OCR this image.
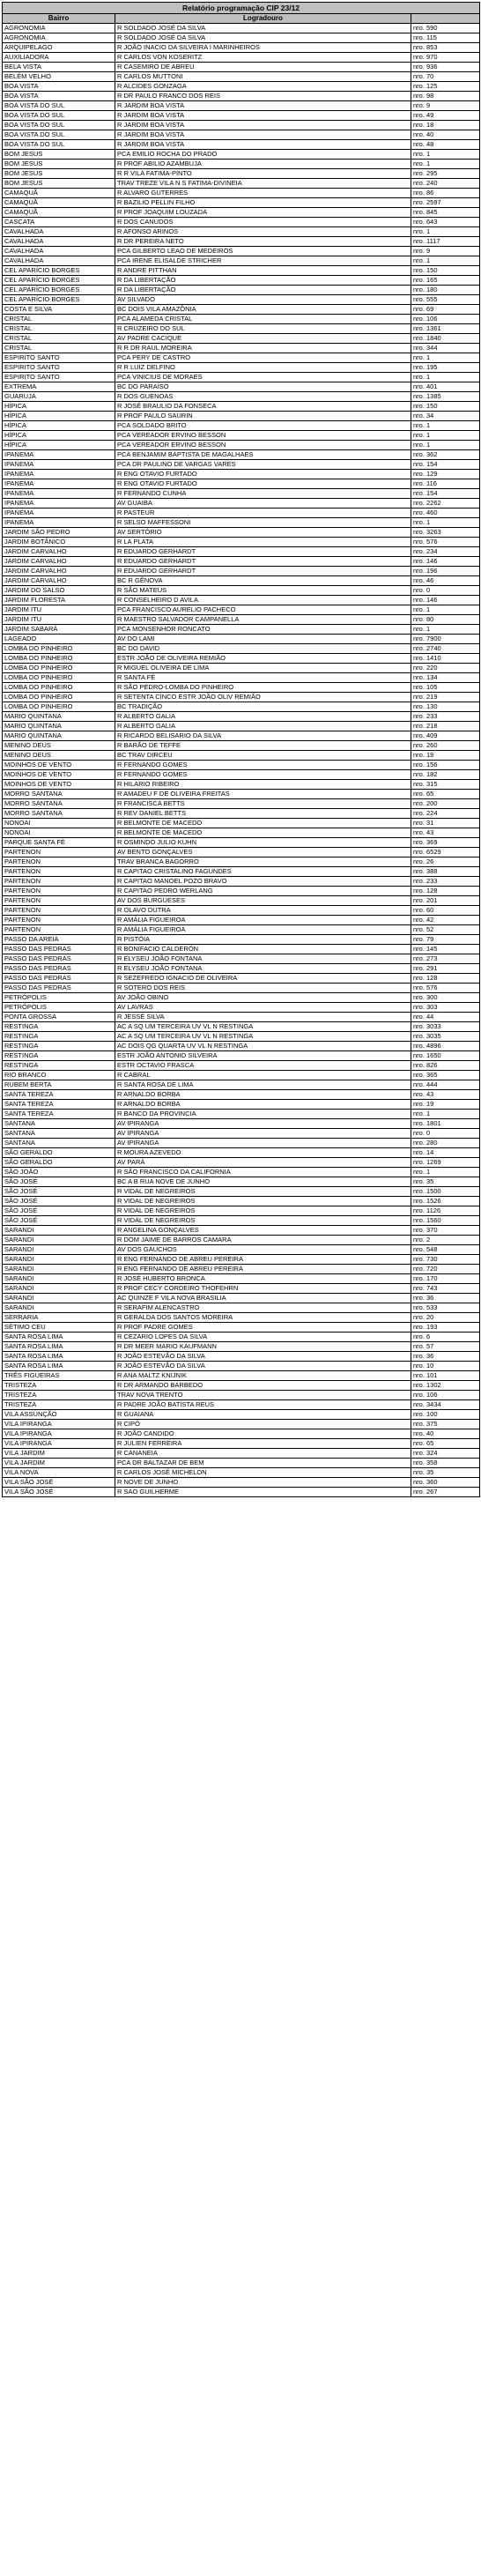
Relatório programação CIP 23/12		
Bairro	Logradouro	
AGRONOMIA	R SOLDADO JOSÉ DA SILVA	nro. 590
AGRONOMIA	R SOLDADO JOSÉ DA SILVA	nro. 115
ARQUIPELAGO	R JOÃO INACIO DA SILVEIRA I MARINHEIROS	nro. 853
AUXILIADORA	R CARLOS VON KOSERITZ	nro. 970
BELA VISTA	R CASEMIRO DE ABREU	nro. 936
BELÉM VELHO	R CARLOS MUTTONI	nro. 70
BOA VISTA	R ALCIDES GONZAGA	nro. 125
BOA VISTA	R DR PAULO FRANCO DOS REIS	nro. 98
BOA VISTA DO SUL	R JARDIM BOA VISTA	nro. 9
BOA VISTA DO SUL	R JARDIM BOA VISTA	nro. 49
BOA VISTA DO SUL	R JARDIM BOA VISTA	nro. 18
BOA VISTA DO SUL	R JARDIM BOA VISTA	nro. 40
BOA VISTA DO SUL	R JARDIM BOA VISTA	nro. 48
BOM JESUS	PCA EMILIO ROCHA DO PRADO	nro. 1
BOM JESUS	R PROF ABILIO AZAMBUJA	nro. 1
BOM JESUS	R R VILA FATIMA-PINTO	nro. 295
BOM JESUS	TRAV TREZE VILA N S FATIMA-DIVINEIA	nro. 240
CAMAQUÃ	R ALVARO GUTERRES	nro. 86
CAMAQUÃ	R BAZILIO PELLIN FILHO	nro. 2597
CAMAQUÃ	R PROF JOAQUIM LOUZADA	nro. 845
CASCATA	R DOS CANUDOS	nro. 643
CAVALHADA	R AFONSO ARINOS	nro. 1
CAVALHADA	R DR PEREIRA NETO	nro. 1117
CAVALHADA	PCA GILBERTO LEAO DE MEDEIROS	nro. 9
CAVALHADA	PCA IRENE ELISALDE STRICHER	nro. 1
CEL APARÍCIO BORGES	R ANDRE PITTHAN	nro. 150
CEL APARÍCIO BORGES	R DA LIBERTAÇÃO	nro. 165
CEL APARÍCIO BORGES	R DA LIBERTAÇÃO	nro. 180
CEL APARÍCIO BORGES	AV SILVADO	nro. 555
COSTA E SILVA	BC DOIS VILA AMAZÔNIA	nro. 69
CRISTAL	PCA ALAMEDA CRISTAL	nro. 106
CRISTAL	R CRUZEIRO DO SUL	nro. 1361
CRISTAL	AV PADRE CACIQUE	nro. 1840
CRISTAL	R R DR RAUL MOREIRA	nro. 344
ESPIRITO SANTO	PCA PERY DE CASTRO	nro. 1
ESPIRITO SANTO	R R LUIZ DELFINO	nro. 195
ESPIRITO SANTO	PCA VINICIUS DE MORAES	nro. 1
EXTREMA	BC DO PARAÍSO	nro. 401
GUARUJA	R DOS GUENOAS	nro. 1385
HÍPICA	R JOSÉ BRAULIO DA FONSECA	nro. 150
HÍPICA	R PROF PAULO SAURIN	nro. 34
HÍPICA	PCA SOLDADO BRITO	nro. 1
HÍPICA	PCA VEREADOR ERVINO BESSON	nro. 1
HÍPICA	PCA VEREADOR ERVINO BESSON	nro. 1
IPANEMA	PCA BENJAMIM BAPTISTA DE MAGALHAES	nro. 362
IPANEMA	PCA DR PAULINO DE VARGAS VARES	nro. 154
IPANEMA	R ENG OTAVIO FURTADO	nro. 129
IPANEMA	R ENG OTAVIO FURTADO	nro. 116
IPANEMA	R FERNANDO CUNHA	nro. 154
IPANEMA	AV GUAIBA	nro. 2262
IPANEMA	R PASTEUR	nro. 460
IPANEMA	R SELSO MAFFESSONI	nro. 1
JARDIM SÃO PEDRO	AV SERTÓRIO	nro. 3263
JARDIM BOTÂNICO	R LA PLATA	nro. 576
JARDIM CARVALHO	R EDUARDO GERHARDT	nro. 234
JARDIM CARVALHO	R EDUARDO GERHARDT	nro. 146
JARDIM CARVALHO	R EDUARDO GERHARDT	nro. 196
JARDIM CARVALHO	BC R GÊNOVA	nro. 46
JARDIM DO SALSO	R SÃO MATEUS	nro. 0
JARDIM FLORESTA	R CONSELHEIRO D AVILA	nro. 146
JARDIM ITU	PCA FRANCISCO AURELIO PACHECO	nro. 1
JARDIM ITU	R MAESTRO SALVADOR CAMPANELLA	nro. 80
JARDIM SABARÁ	PCA MONSENHOR RONCATO	nro. 1
LAGEADO	AV DO LAMI	nro. 7900
LOMBA DO PINHEIRO	BC DO DAVID	nro. 2740
LOMBA DO PINHEIRO	ESTR JOÃO DE OLIVEIRA REMIÃO	nro. 1410
LOMBA DO PINHEIRO	R MIGUEL OLIVEIRA DE LIMA	nro. 220
LOMBA DO PINHEIRO	R SANTA FÉ	nro. 134
LOMBA DO PINHEIRO	R SÃO PEDRO-LOMBA DO PINHEIRO	nro. 105
LOMBA DO PINHEIRO	R SETENTA CINCO ESTR JOÃO OLIV REMIÃO	nro. 219
LOMBA DO PINHEIRO	BC TRADIÇÃO	nro. 130
MARIO QUINTANA	R ALBERTO GALIA	nro. 233
MARIO QUINTANA	R ALBERTO GALIA	nro. 218
MARIO QUINTANA	R RICARDO BELISARIO DA SILVA	nro. 409
MENINO DEUS	R BARÃO DE TEFFE	nro. 260
MENINO DEUS	BC TRAV DIRCEU	nro. 19
MOINHOS DE VENTO	R FERNANDO GOMES	nro. 156
MOINHOS DE VENTO	R FERNANDO GOMES	nro. 182
MOINHOS DE VENTO	R HILARIO RIBEIRO	nro. 315
MORRO SANTANA	R AMADEU F DE OLIVEIRA FREITAS	nro. 65
MORRO SANTANA	R FRANCISCA BETTS	nro. 200
MORRO SANTANA	R REV DANIEL BETTS	nro. 224
NONOAI	R BELMONTE DE MACEDO	nro. 31
NONOAI	R BELMONTE DE MACEDO	nro. 43
PARQUE SANTA FÉ	R OSMINDO JULIO KUHN	nro. 369
PARTENON	AV BENTO GONÇALVES	nro. 6529
PARTENON	TRAV BRANCA BAGORRO	nro. 26
PARTENON	R CAPITAO CRISTALINO FAGUNDES	nro. 388
PARTENON	R CAPITAO MANOEL POZO BRAVO	nro. 233
PARTENON	R CAPITAO PEDRO WERLANG	nro. 128
PARTENON	AV DOS BURGUESES	nro. 201
PARTENON	R OLAVO DUTRA	nro. 60
PARTENON	R AMÁLIA FIGUEIROA	nro. 42
PARTENON	R AMÁLIA FIGUEIROA	nro. 52
PASSO DA AREIA	R PISTÓIA	nro. 79
PASSO DAS PEDRAS	R BONIFACIO CALDERÓN	nro. 145
PASSO DAS PEDRAS	R ELYSEU JOÃO FONTANA	nro. 273
PASSO DAS PEDRAS	R ELYSEU JOÃO FONTANA	nro. 291
PASSO DAS PEDRAS	R SEZEFREDO IGNACIO DE OLIVEIRA	nro. 128
PASSO DAS PEDRAS	R SOTERO DOS REIS	nro. 576
PETRÓPOLIS	AV JOÃO OBINO	nro. 300
PETRÓPOLIS	AV LAVRAS	nro. 303
PONTA GROSSA	R JESSÉ SILVA	nro. 44
RESTINGA	AC A SQ UM TERCEIRA UV VL N RESTINGA	nro. 3033
RESTINGA	AC A SQ UM TERCEIRA UV VL N RESTINGA	nro. 3035
RESTINGA	AC DOIS QG QUARTA UV VL N RESTINGA	nro. 4896
RESTINGA	ESTR JOÃO ANTONIO SILVEIRA	nro. 1650
RESTINGA	ESTR OCTAVIO FRASCA	nro. 826
RIO BRANCO	R CABRAL	nro. 365
RUBEM BERTA	R SANTA ROSA DE LIMA	nro. 444
SANTA TEREZA	R ARNALDO BORBA	nro. 43
SANTA TEREZA	R ARNALDO BORBA	nro. 19
SANTA TEREZA	R BANCO DA PROVINCIA	nro. 1
SANTANA	AV IPIRANGA	nro. 1801
SANTANA	AV IPIRANGA	nro. 0
SANTANA	AV IPIRANGA	nro. 280
SÃO GERALDO	R MOURA AZEVEDO	nro. 14
SÃO GERALDO	AV PARÁ	nro. 1269
SÃO JOÃO	R SÃO FRANCISCO DA CALIFORNIA	nro. 1
SÃO JOSÉ	BC A B RUA NOVE DE JUNHO	nro. 35
SÃO JOSÉ	R VIDAL DE NEGREIROS	nro. 1500
SÃO JOSÉ	R VIDAL DE NEGREIROS	nro. 1526
SÃO JOSÉ	R VIDAL DE NEGREIROS	nro. 1126
SÃO JOSÉ	R VIDAL DE NEGREIROS	nro. 1560
SARANDI	R ANGELINA GONÇALVES	nro. 370
SARANDI	R DOM JAIME DE BARROS CAMARA	nro. 2
SARANDI	AV DOS GAUCHOS	nro. 548
SARANDI	R ENG FERNANDO DE ABREU PEREIRA	nro. 730
SARANDI	R ENG FERNANDO DE ABREU PEREIRA	nro. 720
SARANDI	R JOSÉ HUBERTO BRONCA	nro. 170
SARANDI	R PROF CECY CORDEIRO THOFEHRN	nro. 743
SARANDI	AC QUINZE F VILA NOVA BRASILIA	nro. 36
SARANDI	R SERAFIM ALENCASTRO	nro. 533
SERRARIA	R GERALDA DOS SANTOS MOREIRA	nro. 20
SÉTIMO CEU	R PROF PADRE GOMES	nro. 193
SANTA ROSA LIMA	R CEZARIO LOPES DA SILVA	nro. 6
SANTA ROSA LIMA	R DR MEER MARIO KAUFMANN	nro. 57
SANTA ROSA LIMA	R JOÃO ESTEVÃO DA SILVA	nro. 36
SANTA ROSA LIMA	R JOÃO ESTEVÃO DA SILVA	nro. 10
TRÊS FIGUEIRAS	R ANA MALTZ KNIJNIK	nro. 101
TRISTEZA	R DR ARMANDO BARBEDO	nro. 1302
TRISTEZA	TRAV NOVA TRENTO	nro. 106
TRISTEZA	R PADRE JOÃO BATISTA REUS	nro. 3434
VILA ASSUNÇÃO	R GUAIANA	nro. 100
VILA IPIRANGA	R CIPÓ	nro. 375
VILA IPIRANGA	R JOÃO CANDIDO	nro. 40
VILA IPIRANGA	R JULIEN FERREIRA	nro. 65
VILA JARDIM	R CANANEIA	nro. 324
VILA JARDIM	PCA DR BALTAZAR DE BEM	nro. 358
VILA NOVA	R CARLOS JOSÉ MICHELON	nro. 35
VILA SÃO JOSÉ	R NOVE DE JUNHO	nro. 360
VILA SÃO JOSÉ	R SAO GUILHERME	nro. 267
